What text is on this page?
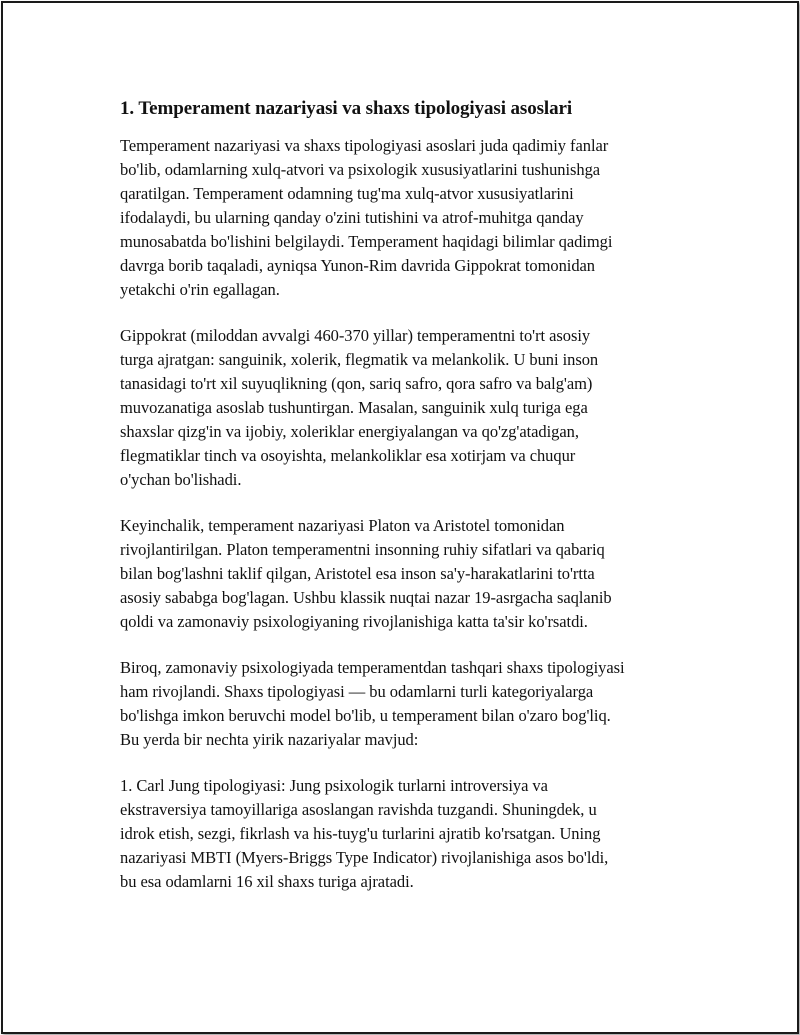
1. Temperament nazariyasi va shaxs tipologiyasi asoslari

Temperament nazariyasi va shaxs tipologiyasi asoslari juda qadimiy fanlar
bo'lib, odamlarning xulq-atvori va psixologik xususiyatlarini tushunishga
qaratilgan. Temperament odamning tug'ma xulq-atvor xususiyatlarini
ifodalaydi, bu ularning qanday o'zini tutishini va atrof-muhitga qanday
munosabatda bo'lishini belgilaydi. Temperament haqidagi bilimlar qadimgi
davrga borib taqaladi, ayniqsa Yunon-Rim davrida Gippokrat tomonidan
yetakchi o'rin egallagan.

Gippokrat (miloddan avvalgi 460-370 yillar) temperamentni to'rt asosiy
turga ajratgan: sanguinik, xolerik, flegmatik va melankolik. U buni inson
tanasidagi to'rt xil suyuqlikning (qon, sariq safro, qora safro va balg'am)
muvozanatiga asoslab tushuntirgan. Masalan, sanguinik xulq turiga ega
shaxslar qizg'in va ijobiy, xoleriklar energiyalangan va qo'zg'atadigan,
flegmatiklar tinch va osoyishta, melankoliklar esa xotirjam va chuqur
o'ychan bo'lishadi.

Keyinchalik, temperament nazariyasi Platon va Aristotel tomonidan
rivojlantirilgan. Platon temperamentni insonning ruhiy sifatlari va qabariq
bilan bog'lashni taklif qilgan, Aristotel esa inson sa'y-harakatlarini to'rtta
asosiy sababga bog'lagan. Ushbu klassik nuqtai nazar 19-asrgacha saqlanib
qoldi va zamonaviy psixologiyaning rivojlanishiga katta ta'sir ko'rsatdi.

Biroq, zamonaviy psixologiyada temperamentdan tashqari shaxs tipologiyasi
ham rivojlandi. Shaxs tipologiyasi — bu odamlarni turli kategoriyalarga
bo'lishga imkon beruvchi model bo'lib, u temperament bilan o'zaro bog'liq.
Bu yerda bir nechta yirik nazariyalar mavjud:

1. Carl Jung tipologiyasi: Jung psixologik turlarni introversiya va
ekstraversiya tamoyillariga asoslangan ravishda tuzgandi. Shuningdek, u
idrok etish, sezgi, fikrlash va his-tuyg'u turlarini ajratib ko'rsatgan. Uning
nazariyasi MBTI (Myers-Briggs Type Indicator) rivojlanishiga asos bo'ldi,
bu esa odamlarni 16 xil shaxs turiga ajratadi.
